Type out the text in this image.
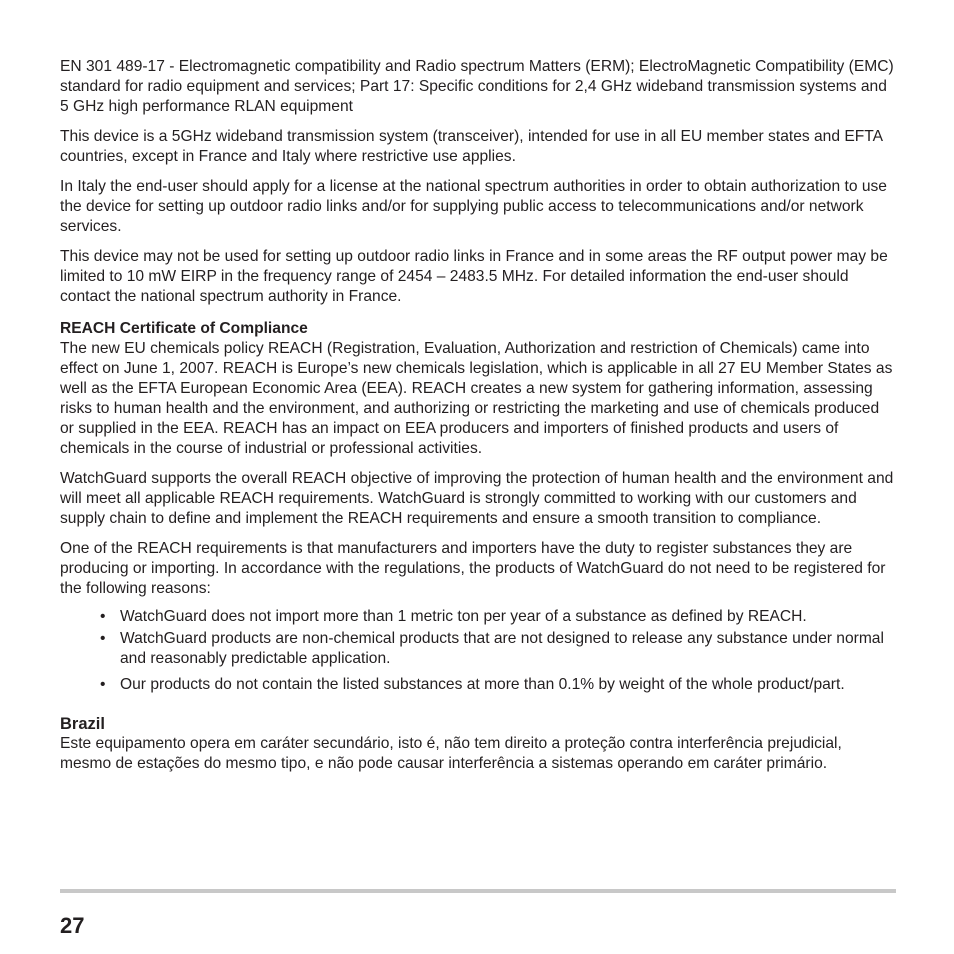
EN 301 489-17 - Electromagnetic compatibility and Radio spectrum Matters (ERM); ElectroMagnetic Compatibility (EMC) standard for radio equipment and services; Part 17: Specific conditions for 2,4 GHz wideband transmission systems and 5 GHz high performance RLAN equipment

This device is a 5GHz wideband transmission system (transceiver), intended for use in all EU member states and EFTA countries, except in France and Italy where restrictive use applies.

In Italy the end-user should apply for a license at the national spectrum authorities in order to obtain authorization to use the device for setting up outdoor radio links and/or for supplying public access to telecommunications and/or network services.

This device may not be used for setting up outdoor radio links in France and in some areas the RF output power may be limited to 10 mW EIRP in the frequency range of 2454 – 2483.5 MHz. For detailed information the end-user should contact the national spectrum authority in France.

REACH Certificate of Compliance

The new EU chemicals policy REACH (Registration, Evaluation, Authorization and restriction of Chemicals) came into effect on June 1, 2007. REACH is Europe’s new chemicals legislation, which is applicable in all 27 EU Member States as well as the EFTA European Economic Area (EEA). REACH creates a new system for gathering information, assessing risks to human health and the environment, and authorizing or restricting the marketing and use of chemicals produced or supplied in the EEA. REACH has an impact on EEA producers and importers of finished products and users of chemicals in the course of industrial or professional activities.

WatchGuard supports the overall REACH objective of improving the protection of human health and the environment and will meet all applicable REACH requirements. WatchGuard is strongly committed to working with our customers and supply chain to define and implement the REACH requirements and ensure a smooth transition to compliance.

One of the REACH requirements is that manufacturers and importers have the duty to register substances they are producing or importing. In accordance with the regulations, the products of WatchGuard do not need to be registered for the following reasons:

• WatchGuard does not import more than 1 metric ton per year of a substance as defined by REACH.
• WatchGuard products are non-chemical products that are not designed to release any substance under normal and reasonably predictable application.
• Our products do not contain the listed substances at more than 0.1% by weight of the whole product/part.
Brazil

Este equipamento opera em caráter secundário, isto é, não tem direito a proteção contra interferência prejudicial, mesmo de estações do mesmo tipo, e não pode causar interferência a sistemas operando em caráter primário.

27
